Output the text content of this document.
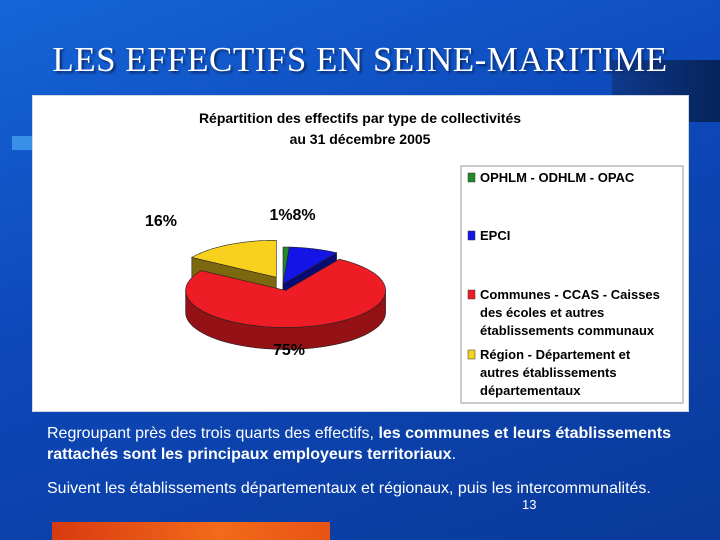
LES EFFECTIFS EN SEINE-MARITIME
Répartition des effectifs par type de collectivités
au 31 décembre 2005
1% 8%
75%
16%
OPHLM - ODHLM - OPAC
EPCI
Communes - CCAS - Caisses
des écoles et autres
établissements communaux
Région - Département et
autres établissements
départementaux
Regroupant près des trois quarts des effectifs, les communes et leurs établissements rattachés sont les principaux employeurs territoriaux.
Suivent les établissements départementaux et régionaux, puis les intercommunalités.
13
